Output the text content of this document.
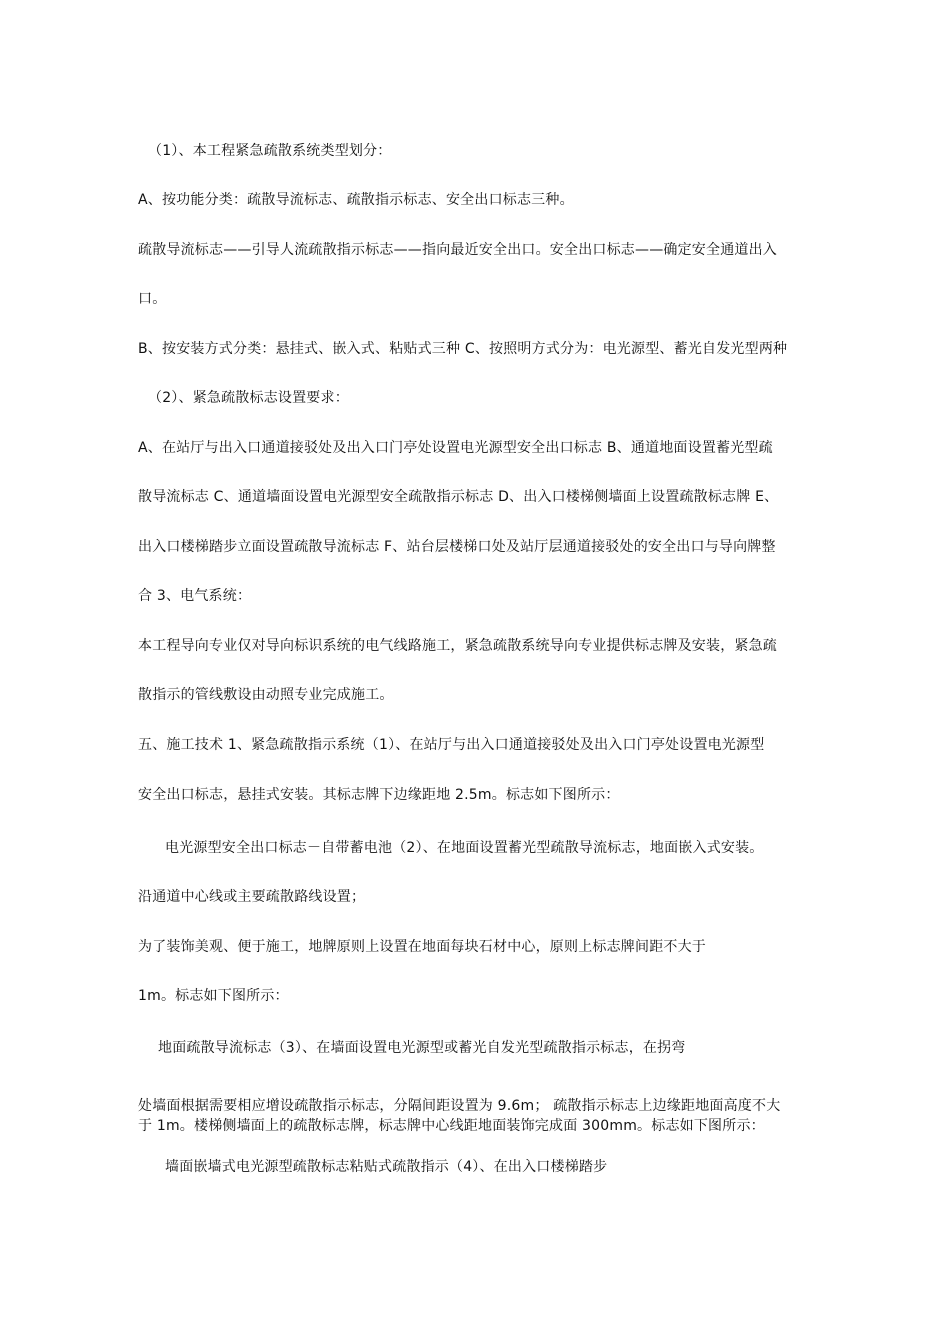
（1）、本工程紧急疏散系统类型划分：
A、按功能分类：疏散导流标志、疏散指示标志、安全出口标志三种。
疏散导流标志——引导人流疏散指示标志——指向最近安全出口。安全出口标志——确定安全通道出入
口。
B、按安装方式分类：悬挂式、嵌入式、粘贴式三种 C、按照明方式分为：电光源型、蓄光自发光型两种
（2）、紧急疏散标志设置要求：
A、在站厅与出入口通道接驳处及出入口门亭处设置电光源型安全出口标志 B、通道地面设置蓄光型疏
散导流标志 C、通道墙面设置电光源型安全疏散指示标志 D、出入口楼梯侧墙面上设置疏散标志牌 E、
出入口楼梯踏步立面设置疏散导流标志 F、站台层楼梯口处及站厅层通道接驳处的安全出口与导向牌整
合 3、电气系统：
本工程导向专业仅对导向标识系统的电气线路施工，紧急疏散系统导向专业提供标志牌及安装，紧急疏
散指示的管线敷设由动照专业完成施工。
五、施工技术 1、紧急疏散指示系统（1）、在站厅与出入口通道接驳处及出入口门亭处设置电光源型
安全出口标志，悬挂式安装。其标志牌下边缘距地 2.5m。标志如下图所示：
电光源型安全出口标志－自带蓄电池（2）、在地面设置蓄光型疏散导流标志，地面嵌入式安装。
沿通道中心线或主要疏散路线设置；
为了装饰美观、便于施工，地牌原则上设置在地面每块石材中心，原则上标志牌间距不大于
1m。标志如下图所示：
地面疏散导流标志（3）、在墙面设置电光源型或蓄光自发光型疏散指示标志，在拐弯
处墙面根据需要相应增设疏散指示标志，分隔间距设置为 9.6m； 疏散指示标志上边缘距地面高度不大
于 1m。楼梯侧墙面上的疏散标志牌，标志牌中心线距地面装饰完成面 300mm。标志如下图所示：
墙面嵌墙式电光源型疏散标志粘贴式疏散指示（4）、在出入口楼梯踏步
